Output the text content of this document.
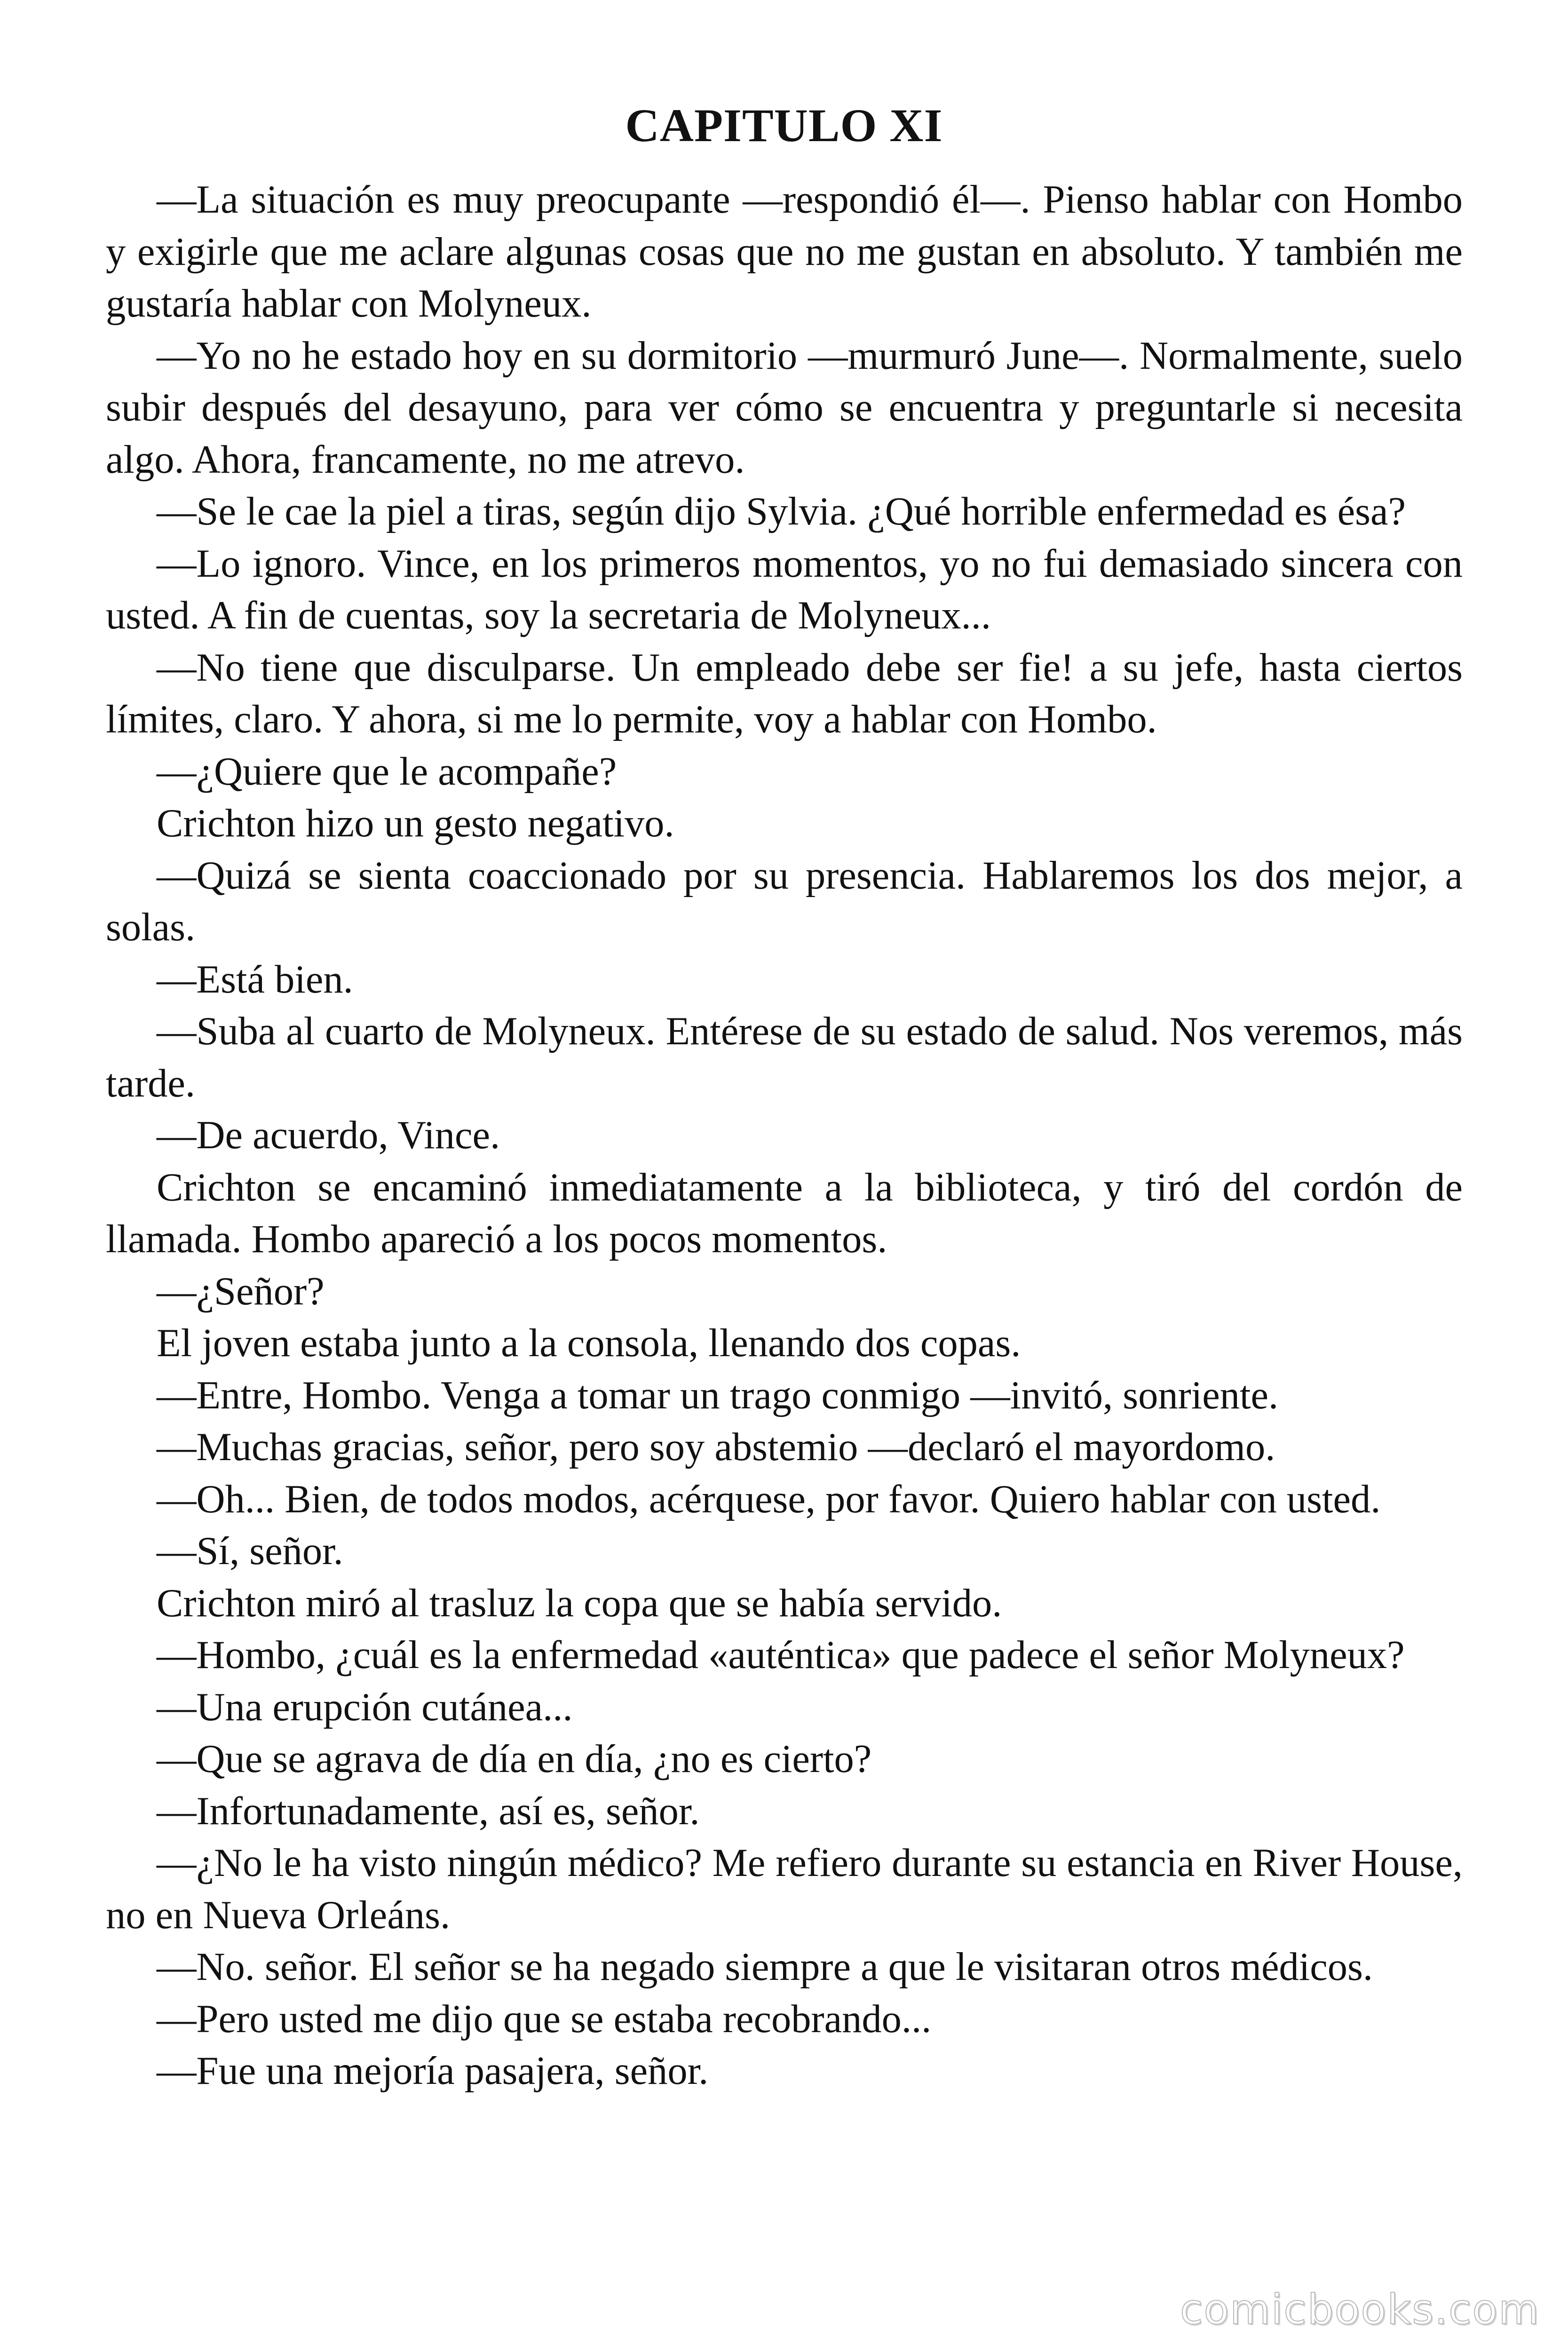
CAPITULO XI

—La situación es muy preocupante —respondió él—. Pienso hablar con Hombo y exigirle que me aclare algunas cosas que no me gustan en absoluto. Y también me gustaría hablar con Molyneux.

—Yo no he estado hoy en su dormitorio —murmuró June—. Normalmente, suelo subir después del desayuno, para ver cómo se encuentra y preguntarle si necesita algo. Ahora, francamente, no me atrevo.

—Se le cae la piel a tiras, según dijo Sylvia. ¿Qué horrible enfermedad es ésa?

—Lo ignoro. Vince, en los primeros momentos, yo no fui demasiado sincera con usted. A fin de cuentas, soy la secretaria de Molyneux...

—No tiene que disculparse. Un empleado debe ser fie! a su jefe, hasta ciertos límites, claro. Y ahora, si me lo permite, voy a hablar con Hombo.

—¿Quiere que le acompañe?

Crichton hizo un gesto negativo.

—Quizá se sienta coaccionado por su presencia. Hablaremos los dos mejor, a solas.

—Está bien.

—Suba al cuarto de Molyneux. Entérese de su estado de salud. Nos veremos, más tarde.

—De acuerdo, Vince.

Crichton se encaminó inmediatamente a la biblioteca, y tiró del cordón de llamada. Hombo apareció a los pocos momentos.

—¿Señor?

El joven estaba junto a la consola, llenando dos copas.

—Entre, Hombo. Venga a tomar un trago conmigo —invitó, sonriente.

—Muchas gracias, señor, pero soy abstemio —declaró el mayordomo.

—Oh... Bien, de todos modos, acérquese, por favor. Quiero hablar con usted.

—Sí, señor.

Crichton miró al trasluz la copa que se había servido.

—Hombo, ¿cuál es la enfermedad «auténtica» que padece el señor Molyneux?

—Una erupción cutánea...

—Que se agrava de día en día, ¿no es cierto?

—Infortunadamente, así es, señor.

—¿No le ha visto ningún médico? Me refiero durante su estancia en River House, no en Nueva Orleáns.

—No. señor. El señor se ha negado siempre a que le visitaran otros médicos.

—Pero usted me dijo que se estaba recobrando...

—Fue una mejoría pasajera, señor.

comicbooks.com
